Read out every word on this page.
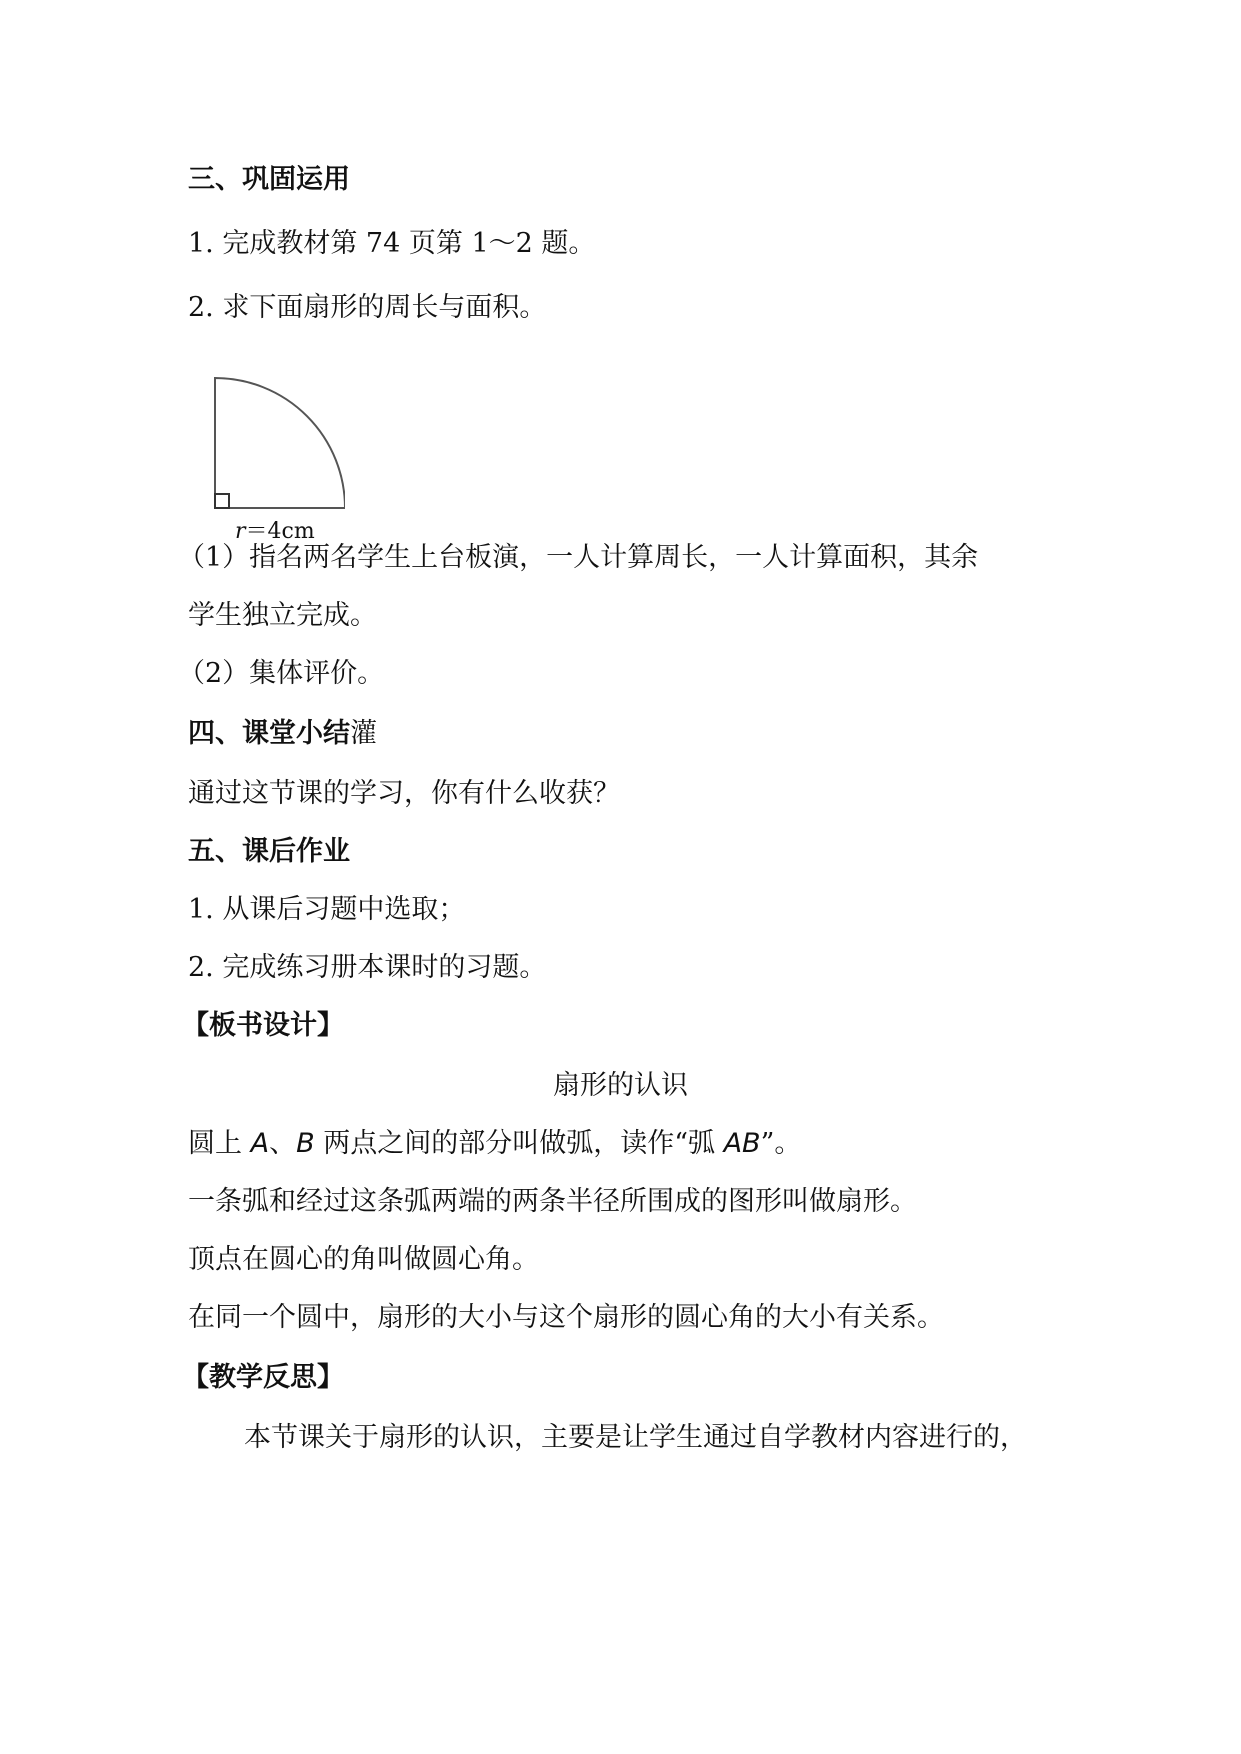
三、巩固运用
1. 完成教材第 74 页第 1～2 题。
2. 求下面扇形的周长与面积。
r＝4cm
（1）指名两名学生上台板演，一人计算周长，一人计算面积，其余
学生独立完成。
（2）集体评价。
四、课堂小结灌
通过这节课的学习，你有什么收获？
五、课后作业
1. 从课后习题中选取；
2. 完成练习册本课时的习题。
【板书设计】
扇形的认识
圆上 A、B 两点之间的部分叫做弧，读作“弧 AB”。
一条弧和经过这条弧两端的两条半径所围成的图形叫做扇形。
顶点在圆心的角叫做圆心角。
在同一个圆中，扇形的大小与这个扇形的圆心角的大小有关系。
【教学反思】
本节课关于扇形的认识，主要是让学生通过自学教材内容进行的，
